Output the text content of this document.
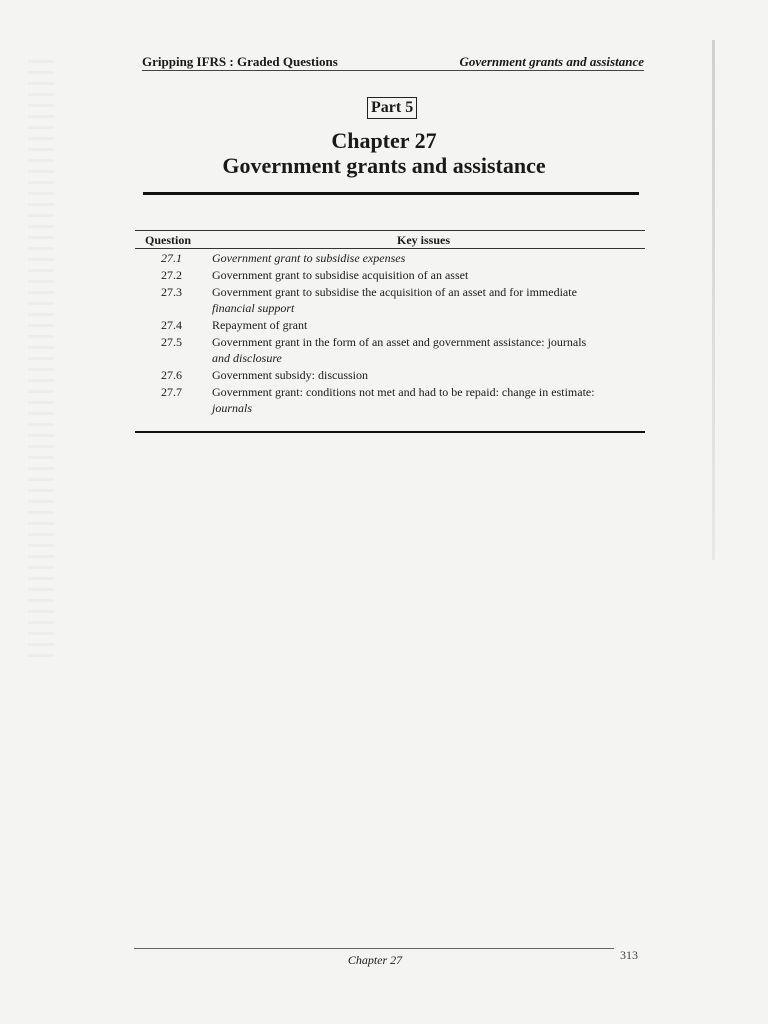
Gripping IFRS : Graded Questions	Government grants and assistance
Part 5
Chapter 27
Government grants and assistance
Question	Key issues
27.1	Government grant to subsidise expenses
27.2	Government grant to subsidise acquisition of an asset
27.3	Government grant to subsidise the acquisition of an asset and for immediate
financial support
27.4	Repayment of grant
27.5	Government grant in the form of an asset and government assistance: journals
and disclosure
27.6	Government subsidy: discussion
27.7	Government grant: conditions not met and had to be repaid: change in estimate:
journals
Chapter 27	313
